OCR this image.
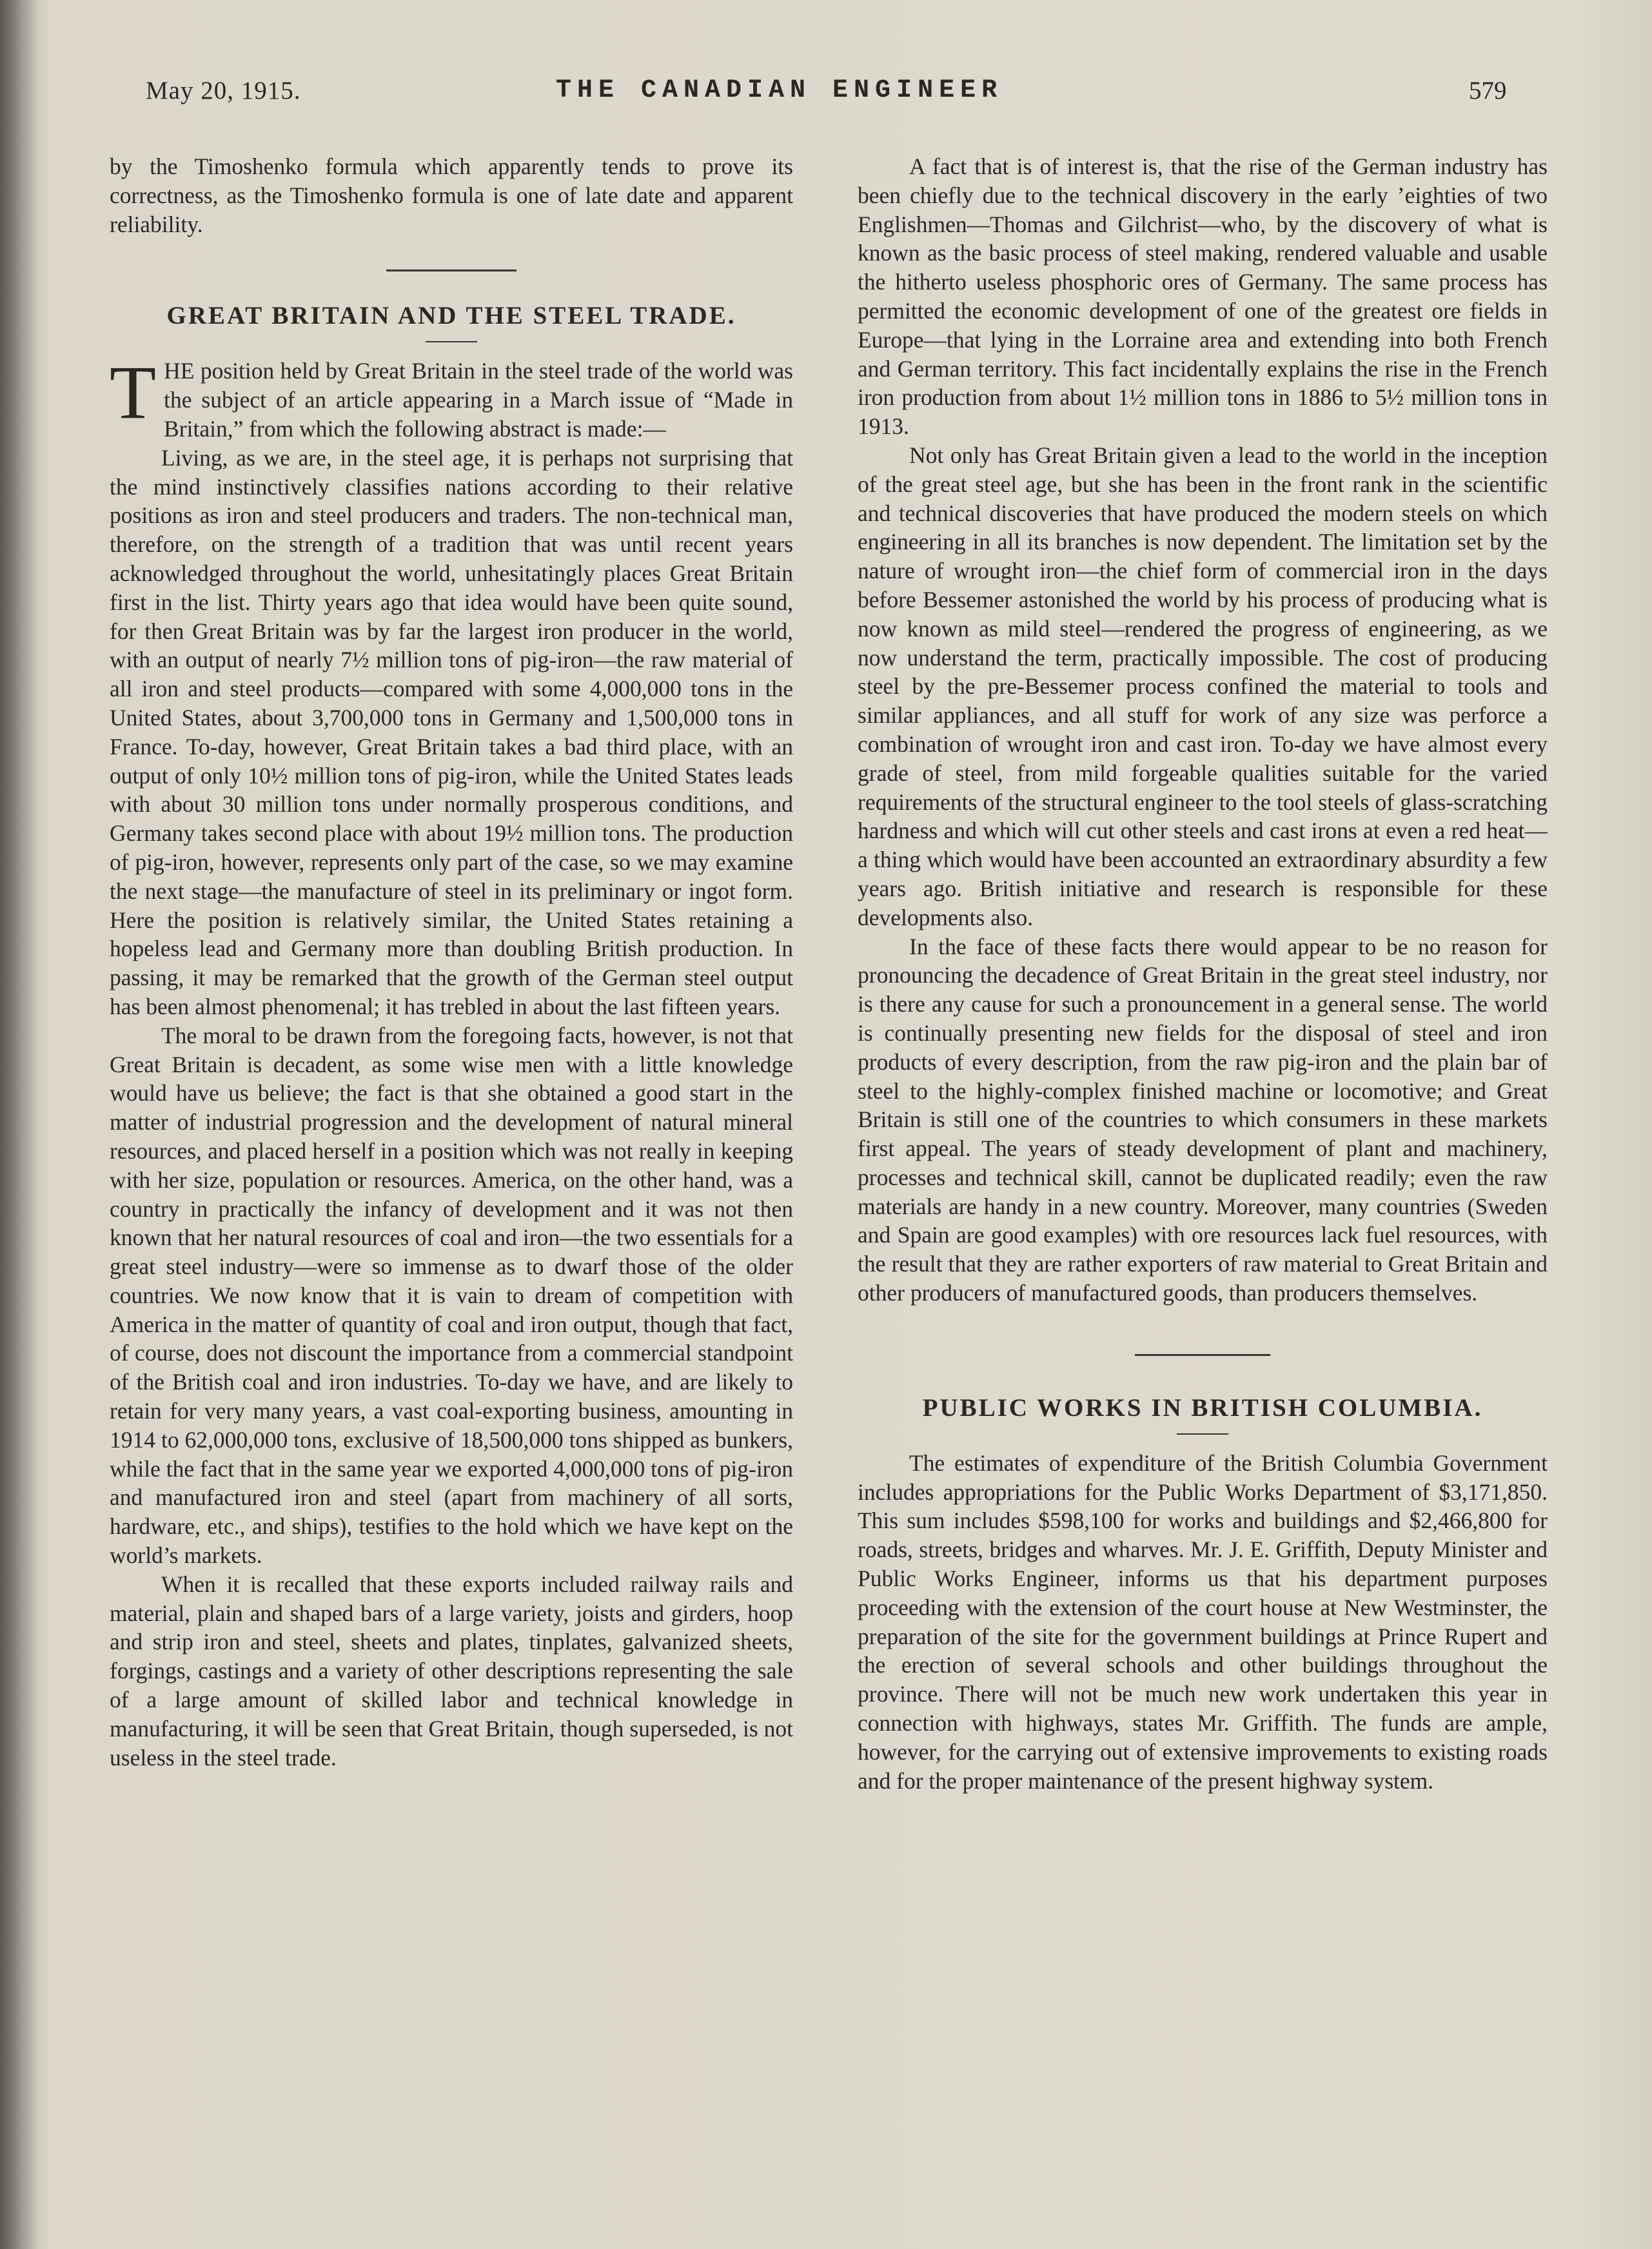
May 20, 1915.	THE CANADIAN ENGINEER	579

by the Timoshenko formula which apparently tends to prove its correctness, as the Timoshenko formula is one of late date and apparent reliability.

GREAT BRITAIN AND THE STEEL TRADE.

THE position held by Great Britain in the steel trade of the world was the subject of an article appearing in a March issue of “Made in Britain,” from which the following abstract is made:—

Living, as we are, in the steel age, it is perhaps not surprising that the mind instinctively classifies nations according to their relative positions as iron and steel producers and traders. The non-technical man, therefore, on the strength of a tradition that was until recent years acknowledged throughout the world, unhesitatingly places Great Britain first in the list. Thirty years ago that idea would have been quite sound, for then Great Britain was by far the largest iron producer in the world, with an output of nearly 7½ million tons of pig-iron—the raw material of all iron and steel products—compared with some 4,000,000 tons in the United States, about 3,700,000 tons in Germany and 1,500,000 tons in France. To-day, however, Great Britain takes a bad third place, with an output of only 10½ million tons of pig-iron, while the United States leads with about 30 million tons under normally prosperous conditions, and Germany takes second place with about 19½ million tons. The production of pig-iron, however, represents only part of the case, so we may examine the next stage—the manufacture of steel in its preliminary or ingot form. Here the position is relatively similar, the United States retaining a hopeless lead and Germany more than doubling British production. In passing, it may be remarked that the growth of the German steel output has been almost phenomenal; it has trebled in about the last fifteen years.

The moral to be drawn from the foregoing facts, however, is not that Great Britain is decadent, as some wise men with a little knowledge would have us believe; the fact is that she obtained a good start in the matter of industrial progression and the development of natural mineral resources, and placed herself in a position which was not really in keeping with her size, population or resources. America, on the other hand, was a country in practically the infancy of development and it was not then known that her natural resources of coal and iron—the two essentials for a great steel industry—were so immense as to dwarf those of the older countries. We now know that it is vain to dream of competition with America in the matter of quantity of coal and iron output, though that fact, of course, does not discount the importance from a commercial standpoint of the British coal and iron industries. To-day we have, and are likely to retain for very many years, a vast coal-exporting business, amounting in 1914 to 62,000,000 tons, exclusive of 18,500,000 tons shipped as bunkers, while the fact that in the same year we exported 4,000,000 tons of pig-iron and manufactured iron and steel (apart from machinery of all sorts, hardware, etc., and ships), testifies to the hold which we have kept on the world’s markets.

When it is recalled that these exports included railway rails and material, plain and shaped bars of a large variety, joists and girders, hoop and strip iron and steel, sheets and plates, tinplates, galvanized sheets, forgings, castings and a variety of other descriptions representing the sale of a large amount of skilled labor and technical knowledge in manufacturing, it will be seen that Great Britain, though superseded, is not useless in the steel trade.

A fact that is of interest is, that the rise of the German industry has been chiefly due to the technical discovery in the early ’eighties of two Englishmen—Thomas and Gilchrist—who, by the discovery of what is known as the basic process of steel making, rendered valuable and usable the hitherto useless phosphoric ores of Germany. The same process has permitted the economic development of one of the greatest ore fields in Europe—that lying in the Lorraine area and extending into both French and German territory. This fact incidentally explains the rise in the French iron production from about 1½ million tons in 1886 to 5½ million tons in 1913.

Not only has Great Britain given a lead to the world in the inception of the great steel age, but she has been in the front rank in the scientific and technical discoveries that have produced the modern steels on which engineering in all its branches is now dependent. The limitation set by the nature of wrought iron—the chief form of commercial iron in the days before Bessemer astonished the world by his process of producing what is now known as mild steel—rendered the progress of engineering, as we now understand the term, practically impossible. The cost of producing steel by the pre-Bessemer process confined the material to tools and similar appliances, and all stuff for work of any size was perforce a combination of wrought iron and cast iron. To-day we have almost every grade of steel, from mild forgeable qualities suitable for the varied requirements of the structural engineer to the tool steels of glass-scratching hardness and which will cut other steels and cast irons at even a red heat—a thing which would have been accounted an extraordinary absurdity a few years ago. British initiative and research is responsible for these developments also.

In the face of these facts there would appear to be no reason for pronouncing the decadence of Great Britain in the great steel industry, nor is there any cause for such a pronouncement in a general sense. The world is continually presenting new fields for the disposal of steel and iron products of every description, from the raw pig-iron and the plain bar of steel to the highly-complex finished machine or locomotive; and Great Britain is still one of the countries to which consumers in these markets first appeal. The years of steady development of plant and machinery, processes and technical skill, cannot be duplicated readily; even the raw materials are handy in a new country. Moreover, many countries (Sweden and Spain are good examples) with ore resources lack fuel resources, with the result that they are rather exporters of raw material to Great Britain and other producers of manufactured goods, than producers themselves.

PUBLIC WORKS IN BRITISH COLUMBIA.

The estimates of expenditure of the British Columbia Government includes appropriations for the Public Works Department of $3,171,850. This sum includes $598,100 for works and buildings and $2,466,800 for roads, streets, bridges and wharves. Mr. J. E. Griffith, Deputy Minister and Public Works Engineer, informs us that his department purposes proceeding with the extension of the court house at New Westminster, the preparation of the site for the government buildings at Prince Rupert and the erection of several schools and other buildings throughout the province. There will not be much new work undertaken this year in connection with highways, states Mr. Griffith. The funds are ample, however, for the carrying out of extensive improvements to existing roads and for the proper maintenance of the present highway system.
